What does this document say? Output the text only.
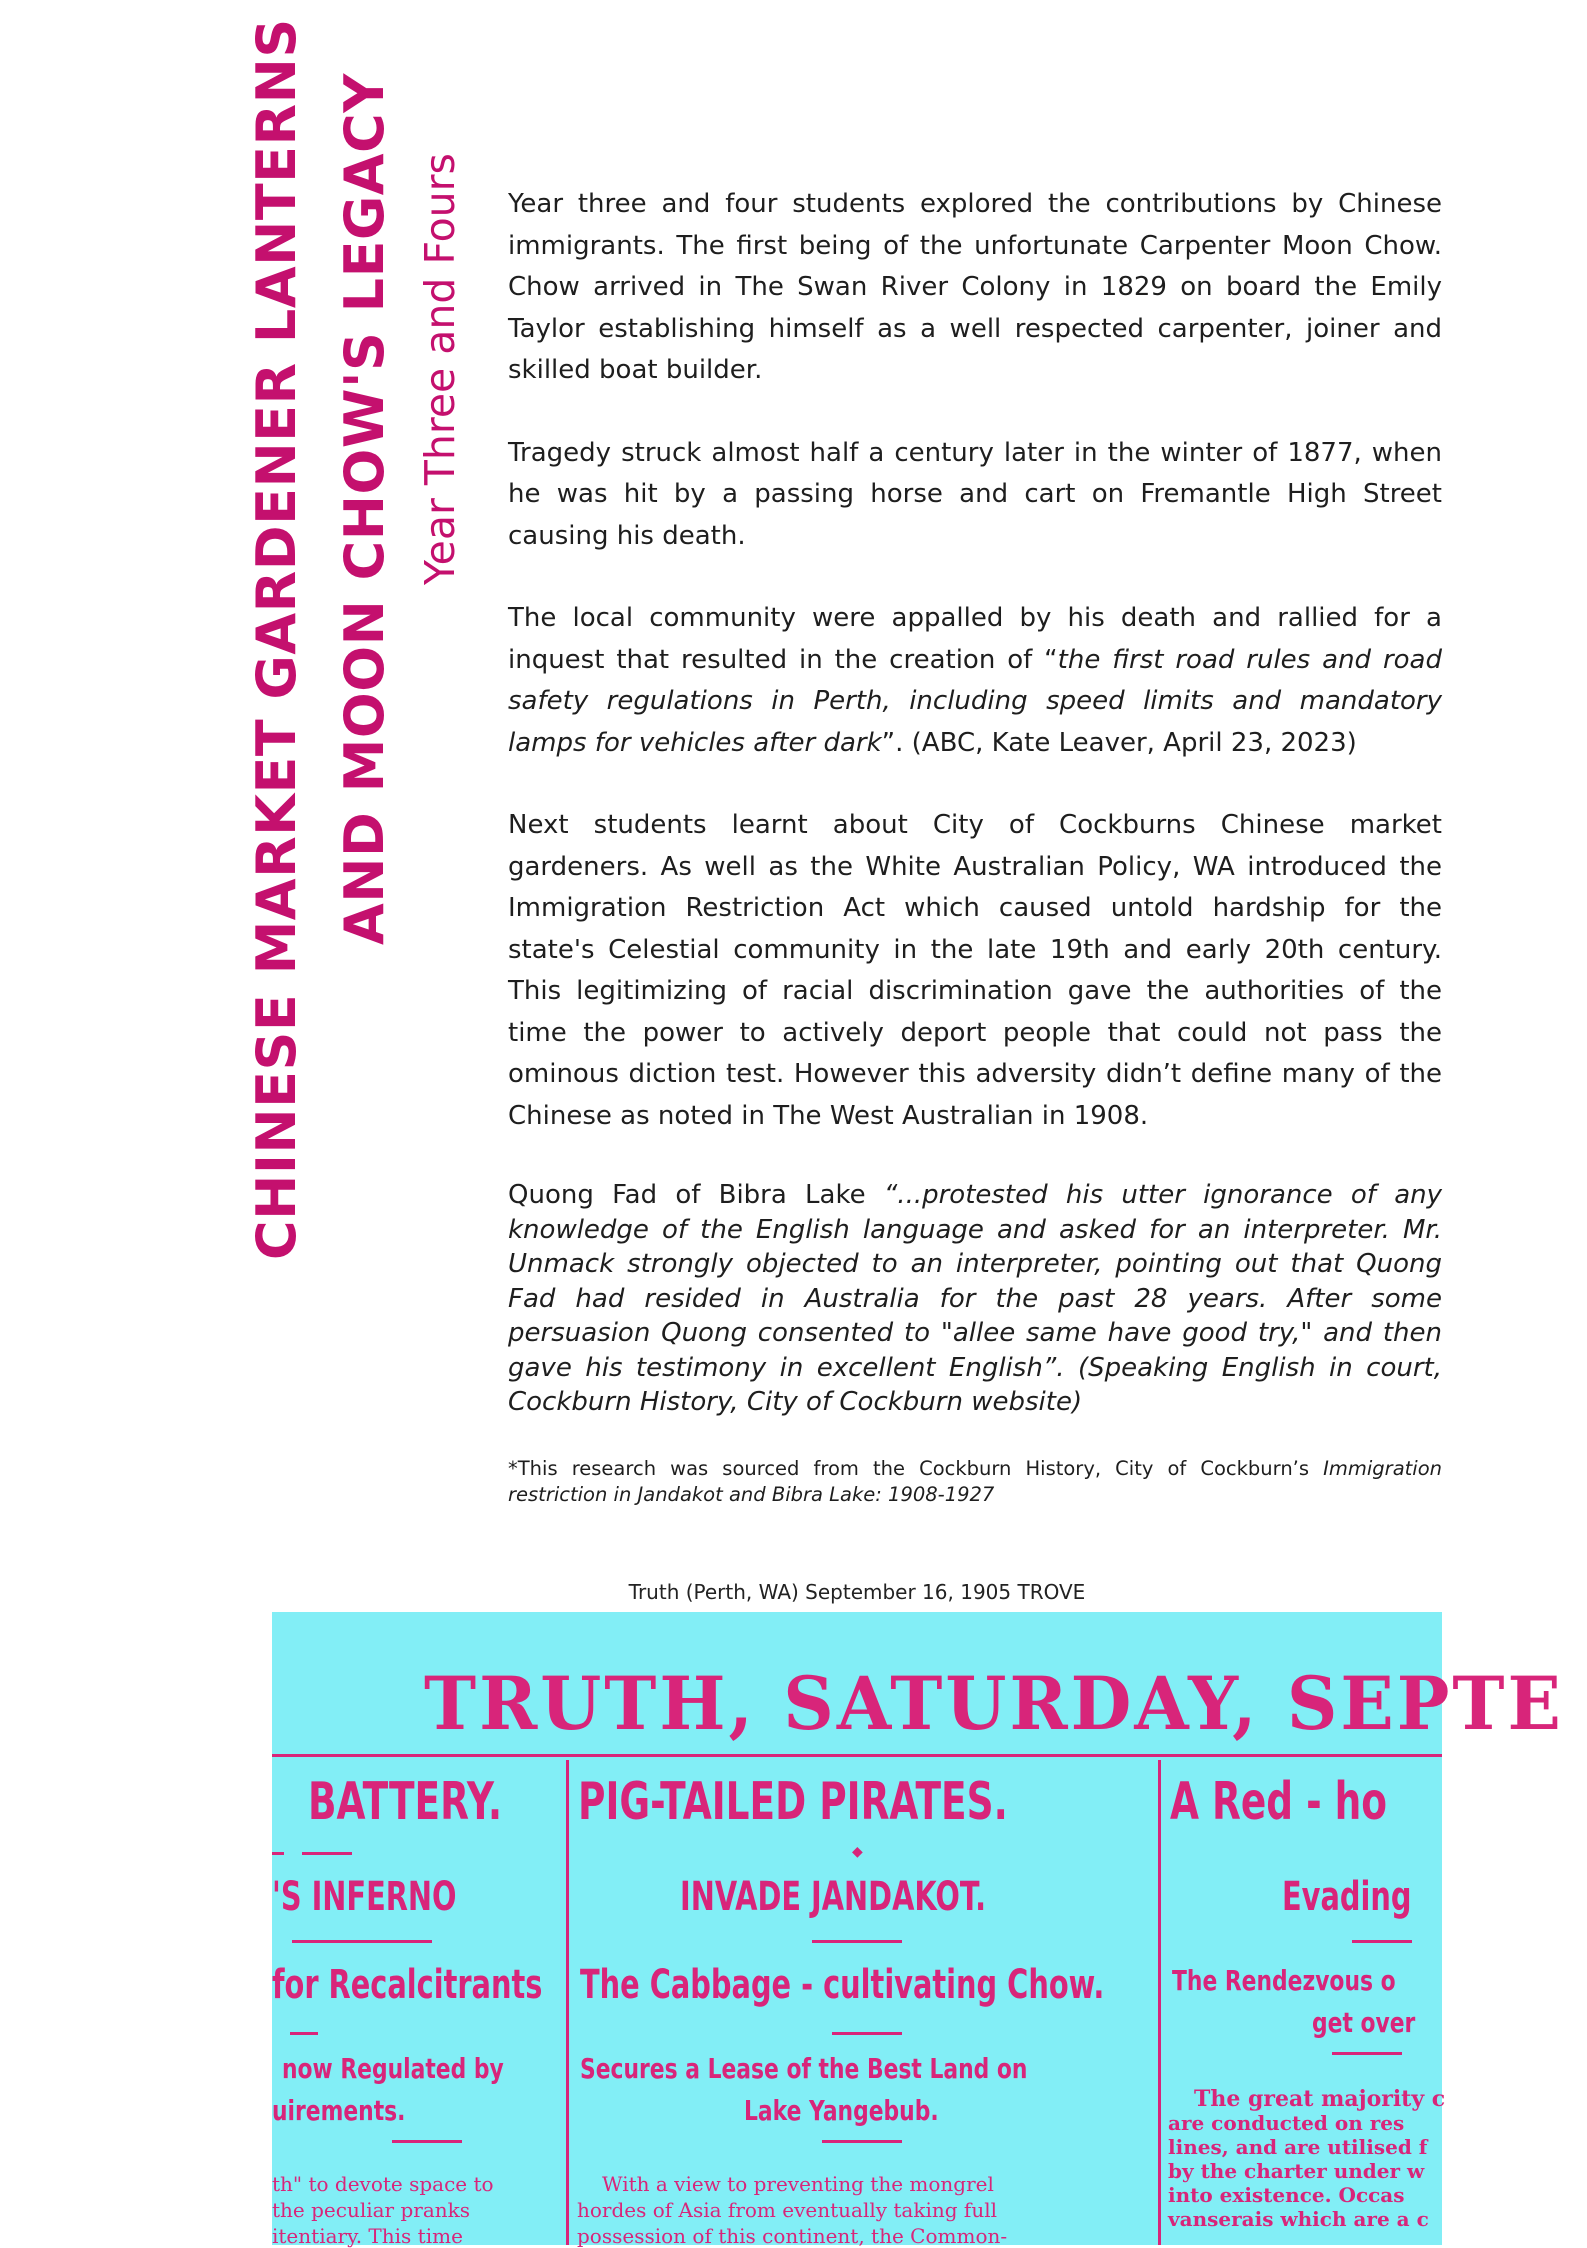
CHINESE MARKET GARDENER LANTERNS AND MOON CHOW'S LEGACY Year Three and Fours Year three and four students explored the contributions by Chinese immigrants. The first being of the unfortunate Carpenter Moon Chow. Chow arrived in The Swan River Colony in 1829 on board the Emily Taylor establishing himself as a well respected carpenter, joiner and skilled boat builder.

Tragedy struck almost half a century later in the winter of 1877, when he was hit by a passing horse and cart on Fremantle High Street causing his death.

The local community were appalled by his death and rallied for a inquest that resulted in the creation of “the first road rules and road safety regulations in Perth, including speed limits and mandatory lamps for vehicles after dark”. (ABC, Kate Leaver, April 23, 2023)

Next students learnt about City of Cockburns Chinese market gardeners. As well as the White Australian Policy, WA introduced the Immigration Restriction Act which caused untold hardship for the state's Celestial community in the late 19th and early 20th century. This legitimizing of racial discrimination gave the authorities of the time the power to actively deport people that could not pass the ominous diction test. However this adversity didn’t define many of the Chinese as noted in The West Australian in 1908.

Quong Fad of Bibra Lake “...protested his utter ignorance of any knowledge of the English language and asked for an interpreter. Mr. Unmack strongly objected to an interpreter, pointing out that Quong Fad had resided in Australia for the past 28 years. After some persuasion Quong consented to "allee same have good try," and then gave his testimony in excellent English”. (Speaking English in court, Cockburn History, City of Cockburn website)

*This research was sourced from the Cockburn History, City of Cockburn’s Immigration restriction in Jandakot and Bibra Lake: 1908-1927

Truth (Perth, WA) September 16, 1905 TROVE
TRUTH, SATURDAY, SEPTE
BATTERY.
'S INFERNO
for Recalcitrants
now Regulated by
uirements.
th" to devote space to
the peculiar pranks
itentiary. This time
PIG-TAILED PIRATES.
◆
INVADE JANDAKOT.
The Cabbage - cultivating Chow.
Secures a Lease of the Best Land on
Lake Yangebub.
With a view to preventing the mongrel
hordes of Asia from eventually taking full
possession of this continent, the Common-
A Red - ho
Evading
The Rendezvous o
get over
The great majority c
are conducted on res
lines, and are utilised f
by the charter under w
into existence. Occas
vanserais which are a c
